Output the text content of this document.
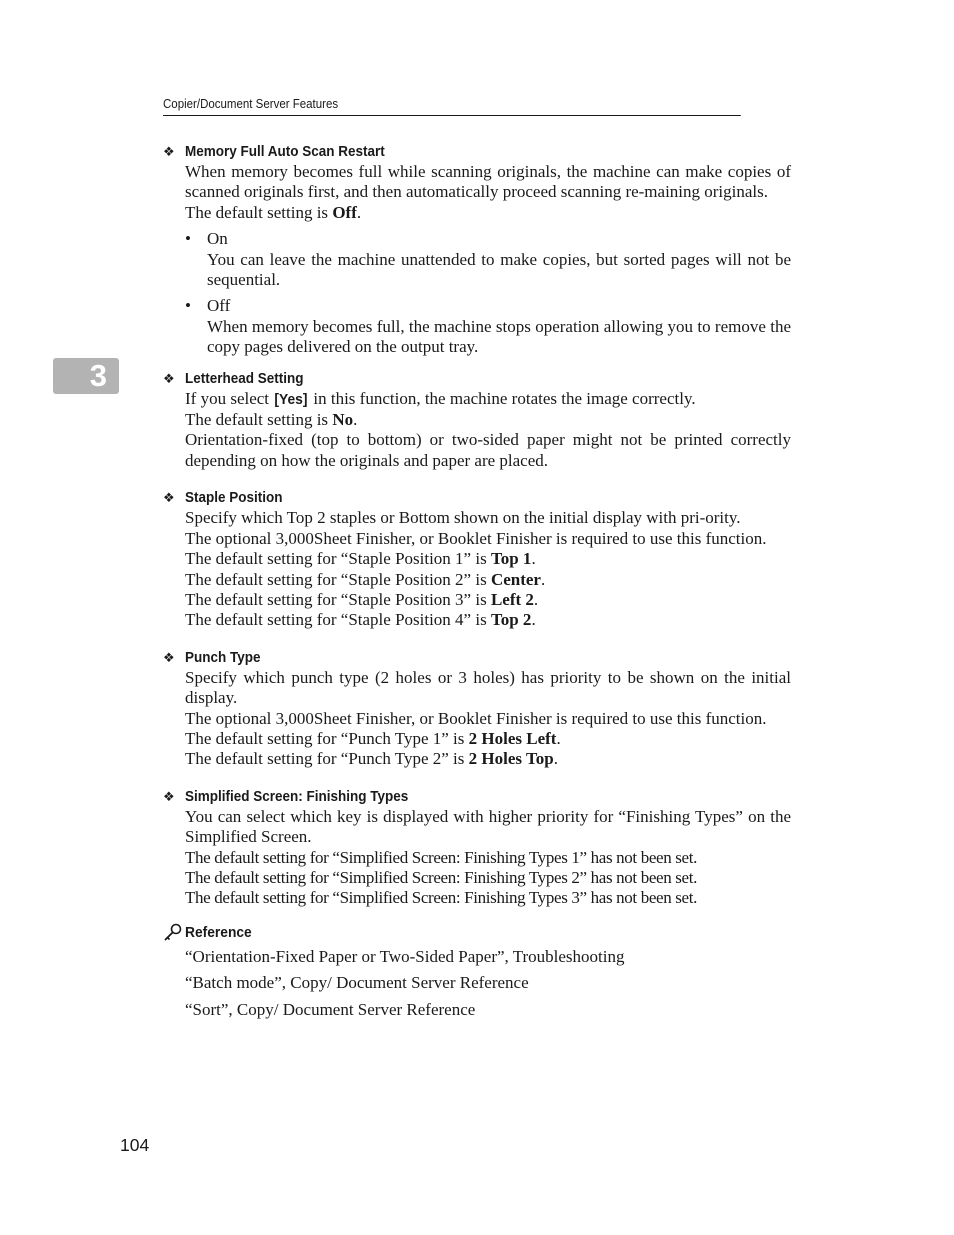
Copier/Document Server Features
3
❖ Memory Full Auto Scan Restart

When memory becomes full while scanning originals, the machine can make copies of scanned originals first, and then automatically proceed scanning re-maining originals.

The default setting is Off.

• On

You can leave the machine unattended to make copies, but sorted pages will not be sequential.

• Off

When memory becomes full, the machine stops operation allowing you to remove the copy pages delivered on the output tray.

❖ Letterhead Setting

If you select [Yes] in this function, the machine rotates the image correctly.

The default setting is No.

Orientation-fixed (top to bottom) or two-sided paper might not be printed correctly depending on how the originals and paper are placed.

❖ Staple Position

Specify which Top 2 staples or Bottom shown on the initial display with pri-ority.

The optional 3,000Sheet Finisher, or Booklet Finisher is required to use this function.

The default setting for “Staple Position 1” is Top 1.

The default setting for “Staple Position 2” is Center.

The default setting for “Staple Position 3” is Left 2.

The default setting for “Staple Position 4” is Top 2.

❖ Punch Type

Specify which punch type (2 holes or 3 holes) has priority to be shown on the initial display.

The optional 3,000Sheet Finisher, or Booklet Finisher is required to use this function.

The default setting for “Punch Type 1” is 2 Holes Left.

The default setting for “Punch Type 2” is 2 Holes Top.

❖ Simplified Screen: Finishing Types

You can select which key is displayed with higher priority for “Finishing Types” on the Simplified Screen.

The default setting for “Simplified Screen: Finishing Types 1” has not been set.

The default setting for “Simplified Screen: Finishing Types 2” has not been set.

The default setting for “Simplified Screen: Finishing Types 3” has not been set.

Reference

“Orientation-Fixed Paper or Two-Sided Paper”, Troubleshooting

“Batch mode”, Copy/ Document Server Reference

“Sort”, Copy/ Document Server Reference

104
